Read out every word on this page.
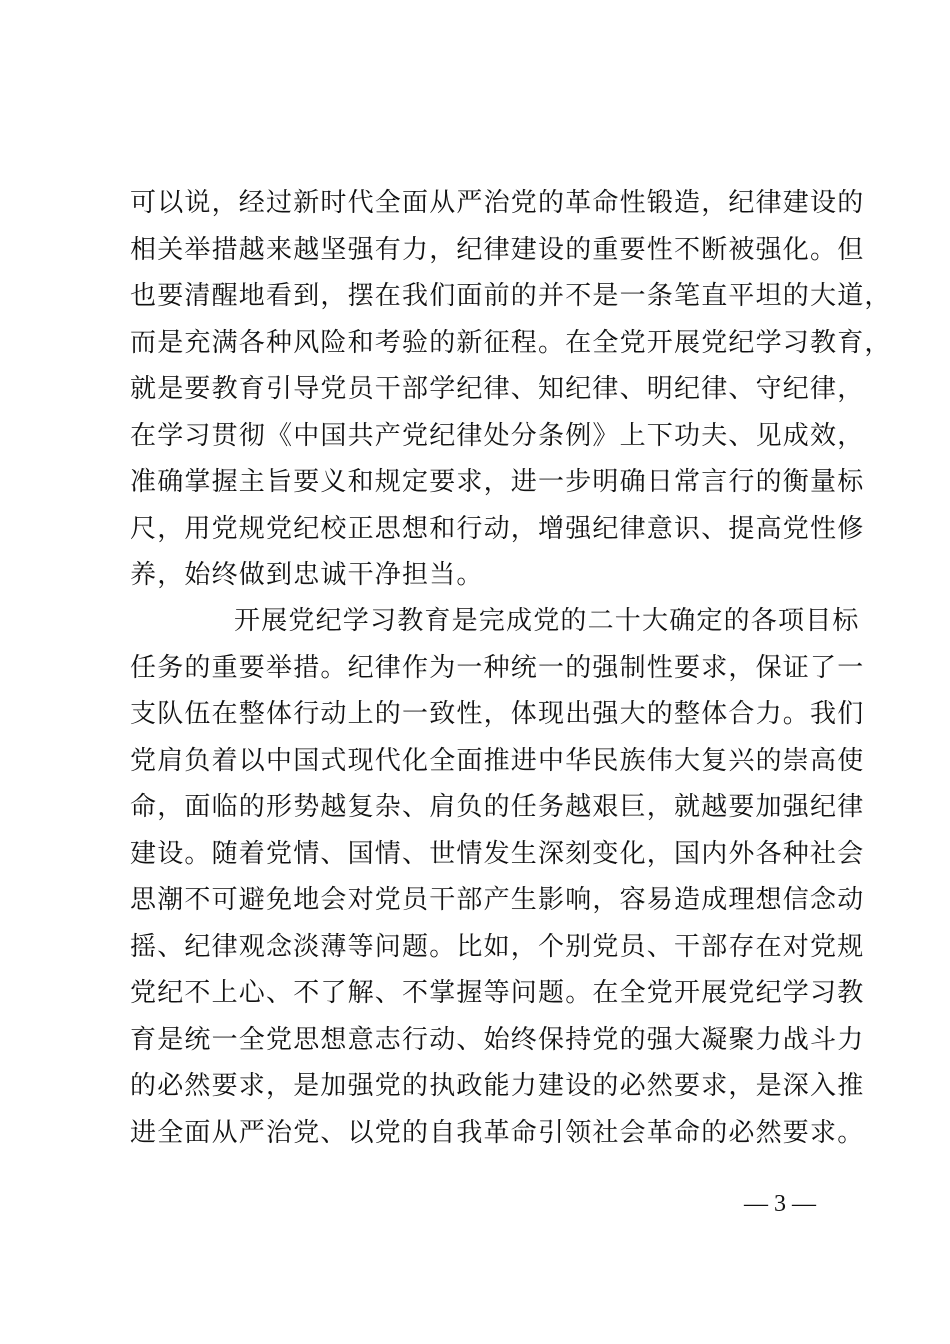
可以说，经过新时代全面从严治党的革命性锻造，纪律建设的
相关举措越来越坚强有力，纪律建设的重要性不断被强化。但
也要清醒地看到，摆在我们面前的并不是一条笔直平坦的大道，
而是充满各种风险和考验的新征程。在全党开展党纪学习教育，
就是要教育引导党员干部学纪律、知纪律、明纪律、守纪律，
在学习贯彻《中国共产党纪律处分条例》上下功夫、见成效，
准确掌握主旨要义和规定要求，进一步明确日常言行的衡量标
尺，用党规党纪校正思想和行动，增强纪律意识、提高党性修
养，始终做到忠诚干净担当。
开展党纪学习教育是完成党的二十大确定的各项目标
任务的重要举措。纪律作为一种统一的强制性要求，保证了一
支队伍在整体行动上的一致性，体现出强大的整体合力。我们
党肩负着以中国式现代化全面推进中华民族伟大复兴的崇高使
命，面临的形势越复杂、肩负的任务越艰巨，就越要加强纪律
建设。随着党情、国情、世情发生深刻变化，国内外各种社会
思潮不可避免地会对党员干部产生影响，容易造成理想信念动
摇、纪律观念淡薄等问题。比如，个别党员、干部存在对党规
党纪不上心、不了解、不掌握等问题。在全党开展党纪学习教
育是统一全党思想意志行动、始终保持党的强大凝聚力战斗力
的必然要求，是加强党的执政能力建设的必然要求，是深入推
进全面从严治党、以党的自我革命引领社会革命的必然要求。
— 3 —
